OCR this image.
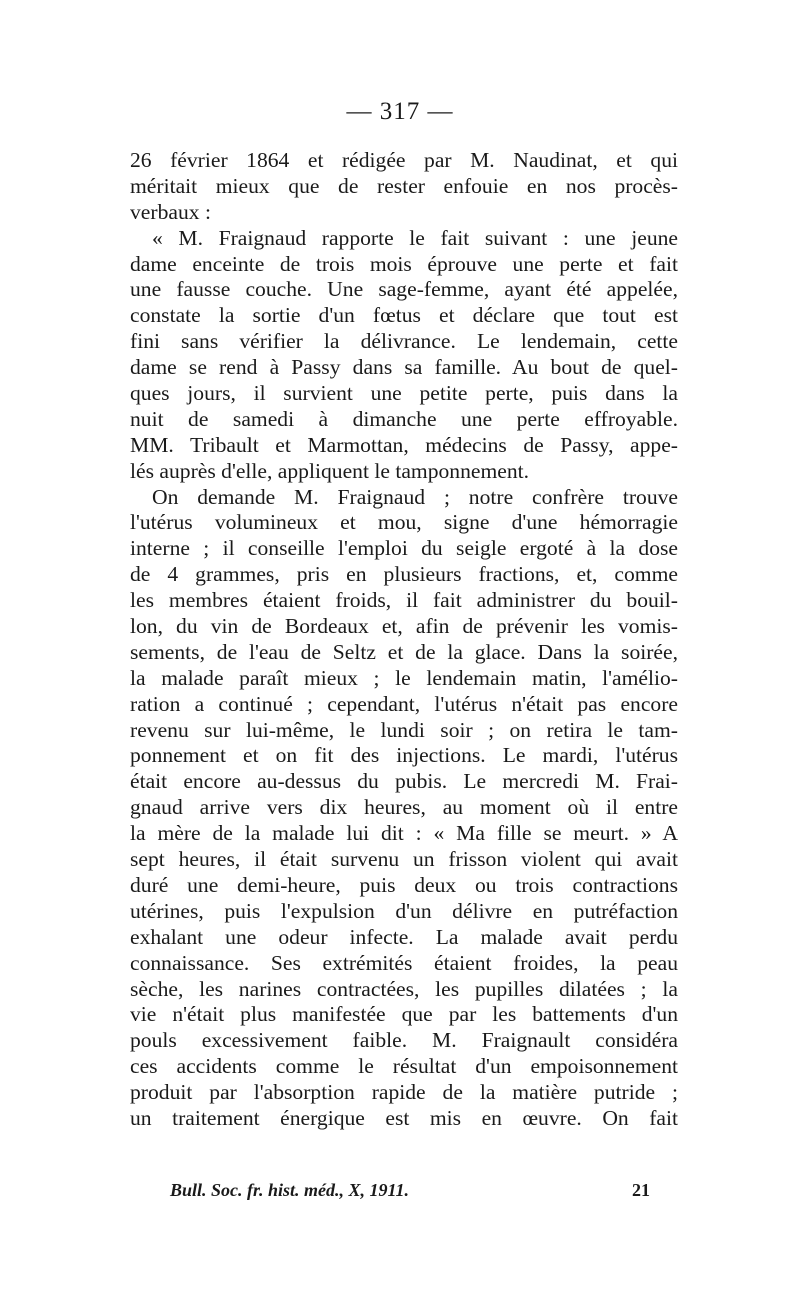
— 317 —
26 février 1864 et rédigée par M. Naudinat, et qui
méritait mieux que de rester enfouie en nos procès-
verbaux :
« M. Fraignaud rapporte le fait suivant : une jeune
dame enceinte de trois mois éprouve une perte et fait
une fausse couche. Une sage-femme, ayant été appelée,
constate la sortie d'un fœtus et déclare que tout est
fini sans vérifier la délivrance. Le lendemain, cette
dame se rend à Passy dans sa famille. Au bout de quel-
ques jours, il survient une petite perte, puis dans la
nuit de samedi à dimanche une perte effroyable.
MM. Tribault et Marmottan, médecins de Passy, appe-
lés auprès d'elle, appliquent le tamponnement.
On demande M. Fraignaud ; notre confrère trouve
l'utérus volumineux et mou, signe d'une hémorragie
interne ; il conseille l'emploi du seigle ergoté à la dose
de 4 grammes, pris en plusieurs fractions, et, comme
les membres étaient froids, il fait administrer du bouil-
lon, du vin de Bordeaux et, afin de prévenir les vomis-
sements, de l'eau de Seltz et de la glace. Dans la soirée,
la malade paraît mieux ; le lendemain matin, l'amélio-
ration a continué ; cependant, l'utérus n'était pas encore
revenu sur lui-même, le lundi soir ; on retira le tam-
ponnement et on fit des injections. Le mardi, l'utérus
était encore au-dessus du pubis. Le mercredi M. Frai-
gnaud arrive vers dix heures, au moment où il entre
la mère de la malade lui dit : « Ma fille se meurt. » A
sept heures, il était survenu un frisson violent qui avait
duré une demi-heure, puis deux ou trois contractions
utérines, puis l'expulsion d'un délivre en putréfaction
exhalant une odeur infecte. La malade avait perdu
connaissance. Ses extrémités étaient froides, la peau
sèche, les narines contractées, les pupilles dilatées ; la
vie n'était plus manifestée que par les battements d'un
pouls excessivement faible. M. Fraignault considéra
ces accidents comme le résultat d'un empoisonnement
produit par l'absorption rapide de la matière putride ;
un traitement énergique est mis en œuvre. On fait
Bull. Soc. fr. hist. méd., X, 1911.	21
